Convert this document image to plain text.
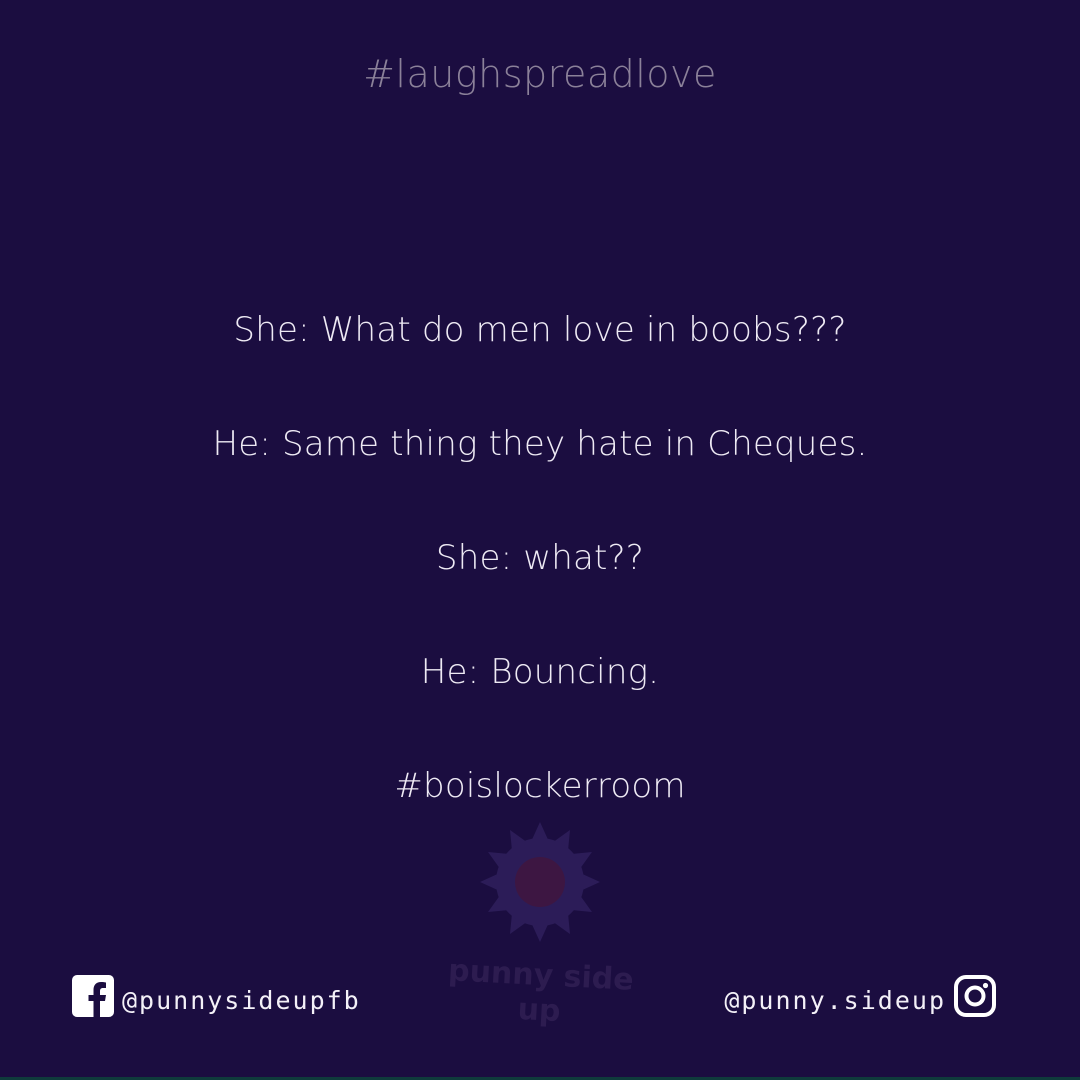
#laughspreadlove
She: What do men love in boobs???
He: Same thing they hate in Cheques.
She: what??
He: Bouncing.
#boislockerroom
punny side up
@punnysideupfb	@punny.sideup
